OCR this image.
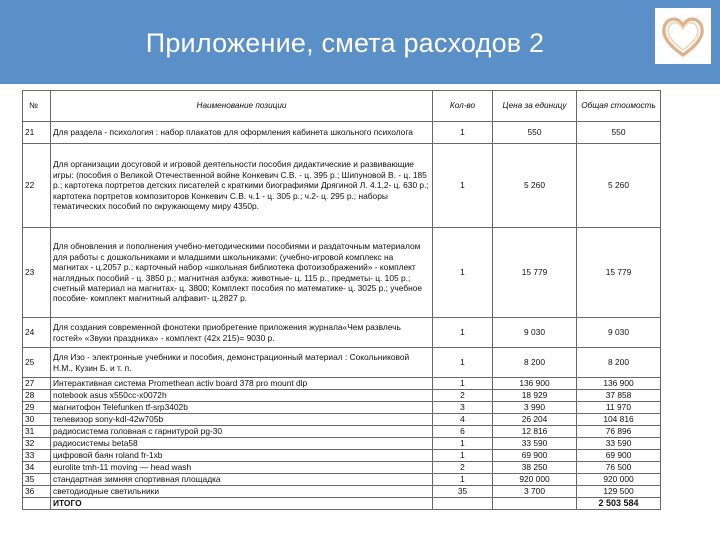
Приложение, смета расходов 2
№	Наименование позиции	Кол-во	Цена за единицу	Общая стоимость
21	Для раздела - психология : набор плакатов для оформления кабинета школьного психолога	1	550	550
22	Для организации досуговой и игровой деятельности пособия дидактические и развивающие игры: (пособия о Великой Отечественной войне Конкевич С.В. - ц. 395 р.; Шипуновой В. - ц. 185 р.; картотека портретов детских писателей с краткими биографиями Дрягиной Л. 4.1,2- ц. 630 р.; картотека портретов композиторов Конкевич С.В. ч.1 - ц. 305 р.; ч.2- ц. 295 р.; наборы тематических пособий по окружающему миру 4350р.	1	5 260	5 260
23	Для обновления и пополнения учебно-методическими пособиями и раздаточным материалом для работы с дошкольниками и младшими школьниками: (учебно-игровой комплекс на магнитах - ц.2057 р.; карточный набор «школьная библиотека фотоизображений» - комплект наглядных пособий - ц. 3850 р.; магнитная азбука: животные- ц. 115 р., предметы- ц. 105 р.; счетный материал на магнитах- ц. 3800; Комплект пособия по математике- ц. 3025 р.; учебное пособие- комплект магнитный алфавит- ц.2827 р.	1	15 779	15 779
24	Для создания современной фонотеки приобретение приложения журнала«Чем развлечь гостей» «Звуки праздника» - комплект (42х 215)= 9030 р.	1	9 030	9 030
25	Для Изо - электронные учебники и пособия, демонстрационный материал : Сокольниковой Н.М., Кузин Б. и т. п.	1	8 200	8 200
27	Интерактивная система Promethean activ board 378 pro mount dlp	1	136 900	136 900
28	notebook asus x550cc-x0072h	2	18 929	37 858
29	магнитофон Telefunken tf-srp3402b	3	3 990	11 970
30	телевизор sony-kdl-42w705b	4	26 204	104 816
31	радиосистема головная с гарнитурой pg-30	6	12 816	76 896
32	радиосистемы beta58	1	33 590	33 590
33	цифровой баян roland fr-1xb	1	69 900	69 900
34	eurolite tmh-11 moving — head wash	2	38 250	76 500
35	стандартная зимняя спортивная площадка	1	920 000	920 000
36	светодиодные светильники	35	3 700	129 500
	ИТОГО			2 503 584
